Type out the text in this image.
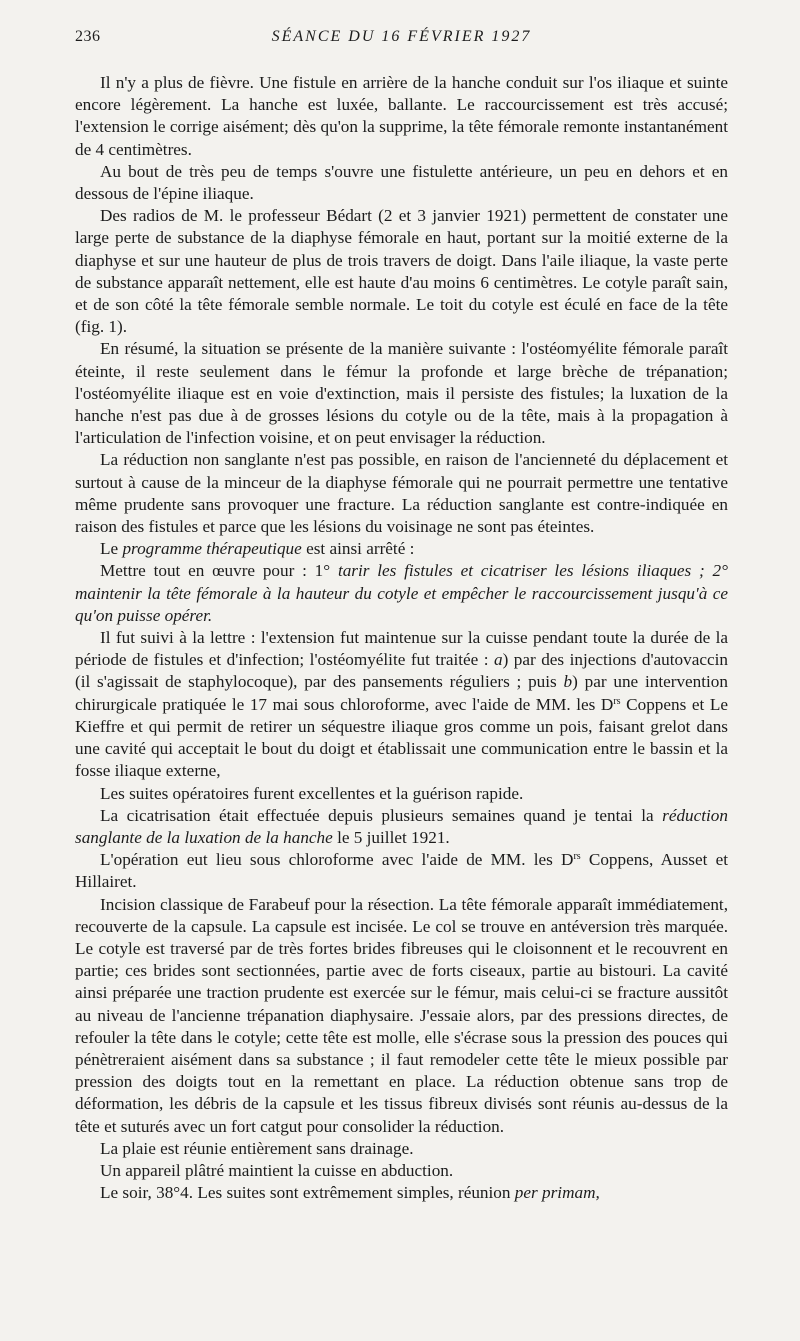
236	SÉANCE DU 16 FÉVRIER 1927

Il n'y a plus de fièvre. Une fistule en arrière de la hanche conduit sur l'os iliaque et suinte encore légèrement. La hanche est luxée, ballante. Le raccourcissement est très accusé; l'extension le corrige aisément; dès qu'on la supprime, la tête fémorale remonte instantanément de 4 centimètres.

Au bout de très peu de temps s'ouvre une fistulette antérieure, un peu en dehors et en dessous de l'épine iliaque.

Des radios de M. le professeur Bédart (2 et 3 janvier 1921) permettent de constater une large perte de substance de la diaphyse fémorale en haut, portant sur la moitié externe de la diaphyse et sur une hauteur de plus de trois travers de doigt. Dans l'aile iliaque, la vaste perte de substance apparaît nettement, elle est haute d'au moins 6 centimètres. Le cotyle paraît sain, et de son côté la tête fémorale semble normale. Le toit du cotyle est éculé en face de la tête (fig. 1).

En résumé, la situation se présente de la manière suivante : l'ostéomyélite fémorale paraît éteinte, il reste seulement dans le fémur la profonde et large brèche de trépanation; l'ostéomyélite iliaque est en voie d'extinction, mais il persiste des fistules; la luxation de la hanche n'est pas due à de grosses lésions du cotyle ou de la tête, mais à la propagation à l'articulation de l'infection voisine, et on peut envisager la réduction.

La réduction non sanglante n'est pas possible, en raison de l'ancienneté du déplacement et surtout à cause de la minceur de la diaphyse fémorale qui ne pourrait permettre une tentative même prudente sans provoquer une fracture. La réduction sanglante est contre-indiquée en raison des fistules et parce que les lésions du voisinage ne sont pas éteintes.

Le programme thérapeutique est ainsi arrêté :

Mettre tout en œuvre pour : 1° tarir les fistules et cicatriser les lésions iliaques ; 2° maintenir la tête fémorale à la hauteur du cotyle et empêcher le raccourcissement jusqu'à ce qu'on puisse opérer.

Il fut suivi à la lettre : l'extension fut maintenue sur la cuisse pendant toute la durée de la période de fistules et d'infection; l'ostéomyélite fut traitée : a) par des injections d'autovaccin (il s'agissait de staphylocoque), par des pansements réguliers ; puis b) par une intervention chirurgicale pratiquée le 17 mai sous chloroforme, avec l'aide de MM. les $D^{rs}$ Coppens et Le Kieffre et qui permit de retirer un séquestre iliaque gros comme un pois, faisant grelot dans une cavité qui acceptait le bout du doigt et établissait une communication entre le bassin et la fosse iliaque externe,

Les suites opératoires furent excellentes et la guérison rapide.

La cicatrisation était effectuée depuis plusieurs semaines quand je tentai la réduction sanglante de la luxation de la hanche le 5 juillet 1921.

L'opération eut lieu sous chloroforme avec l'aide de MM. les $D^{rs}$ Coppens, Ausset et Hillairet.

Incision classique de Farabeuf pour la résection. La tête fémorale apparaît immédiatement, recouverte de la capsule. La capsule est incisée. Le col se trouve en antéversion très marquée. Le cotyle est traversé par de très fortes brides fibreuses qui le cloisonnent et le recouvrent en partie; ces brides sont sectionnées, partie avec de forts ciseaux, partie au bistouri. La cavité ainsi préparée une traction prudente est exercée sur le fémur, mais celui-ci se fracture aussitôt au niveau de l'ancienne trépanation diaphysaire. J'essaie alors, par des pressions directes, de refouler la tête dans le cotyle; cette tête est molle, elle s'écrase sous la pression des pouces qui pénètreraient aisément dans sa substance ; il faut remodeler cette tête le mieux possible par pression des doigts tout en la remettant en place. La réduction obtenue sans trop de déformation, les débris de la capsule et les tissus fibreux divisés sont réunis au-dessus de la tête et suturés avec un fort catgut pour consolider la réduction.

La plaie est réunie entièrement sans drainage.

Un appareil plâtré maintient la cuisse en abduction.

Le soir, 38°4. Les suites sont extrêmement simples, réunion per primam,
